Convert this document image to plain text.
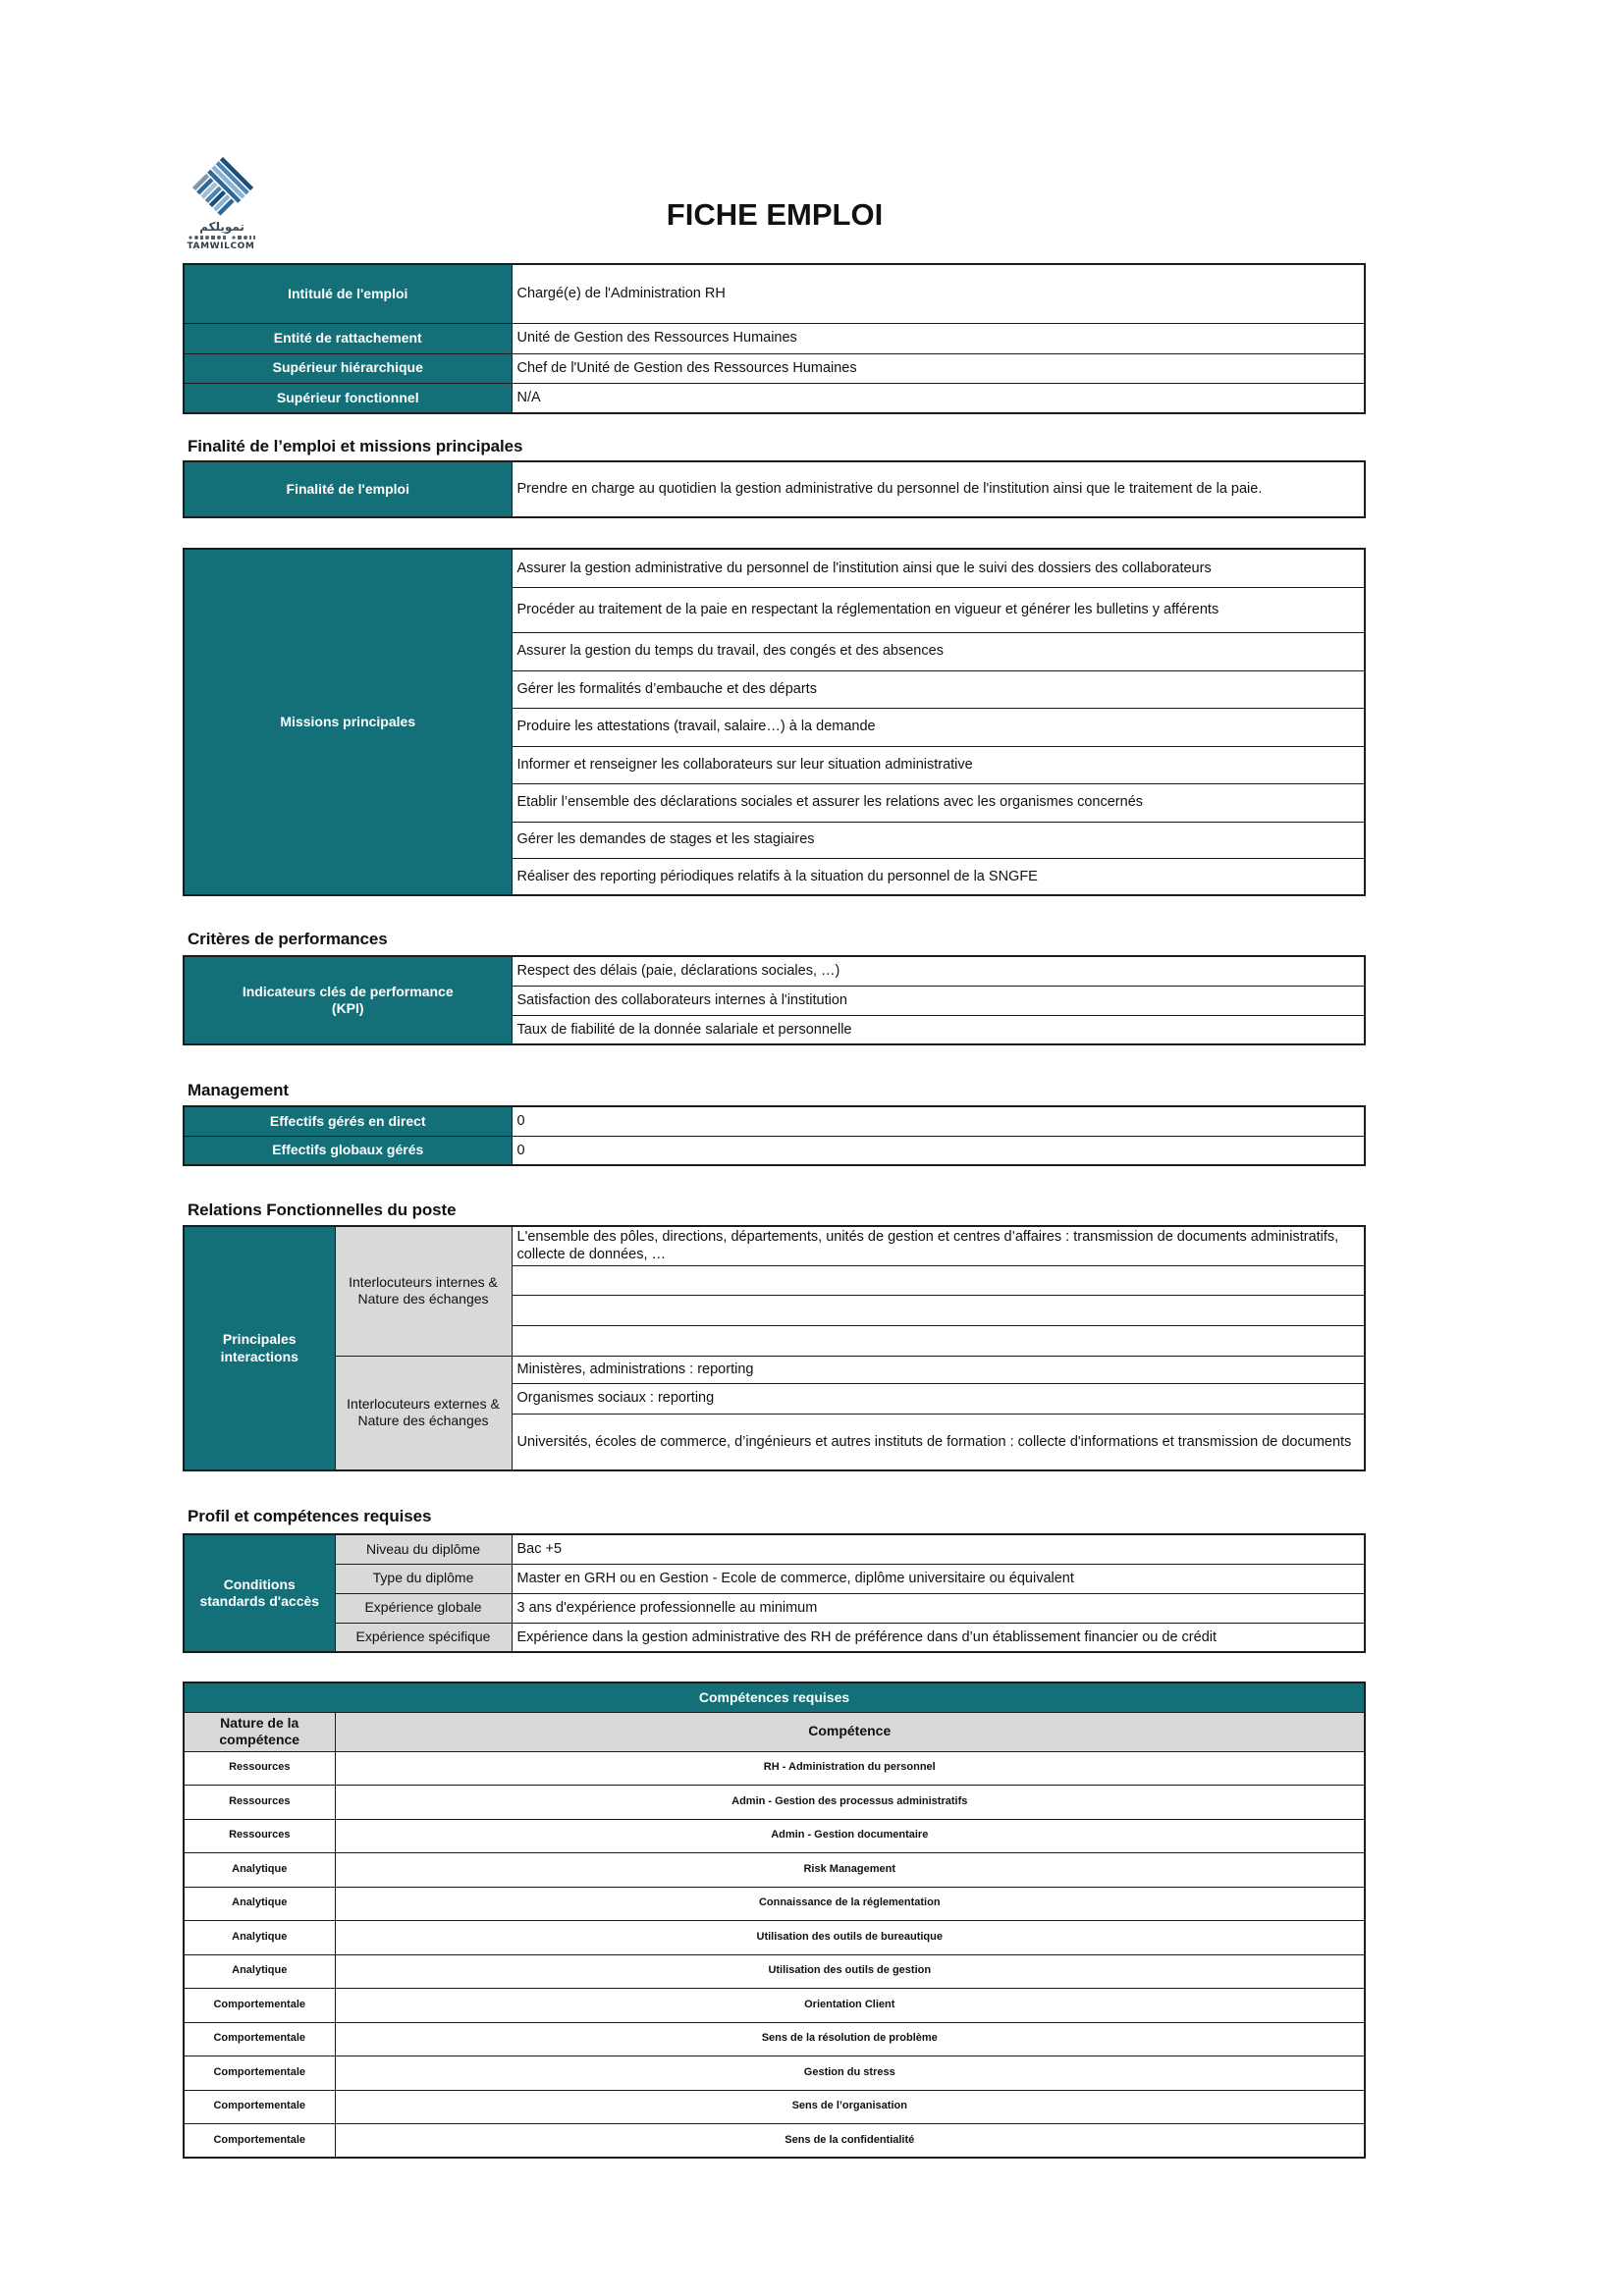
تمويلكم
TAMWILCOM
FICHE EMPLOI
Intitulé de l'emploi	Chargé(e) de l'Administration RH
Entité de rattachement	Unité de Gestion des Ressources Humaines
Supérieur hiérarchique	Chef de l'Unité de Gestion des Ressources Humaines
Supérieur fonctionnel	N/A
Finalité de l’emploi et missions principales
Finalité de l'emploi	Prendre en charge au quotidien la gestion administrative du personnel de l'institution ainsi que le traitement de la paie.
Missions principales	Assurer la gestion administrative du personnel de l'institution ainsi que le suivi des dossiers des collaborateurs
Procéder au traitement de la paie en respectant la réglementation en vigueur et générer les bulletins y afférents
Assurer la gestion du temps du travail, des congés et des absences
Gérer les formalités d’embauche et des départs
Produire les attestations (travail, salaire…) à la demande
Informer et renseigner les collaborateurs sur leur situation administrative
Etablir l’ensemble des déclarations sociales et assurer les relations avec les organismes concernés
Gérer les demandes de stages et les stagiaires
Réaliser des reporting périodiques relatifs à la situation du personnel de la SNGFE
Critères de performances
Indicateurs clés de performance (KPI)	Respect des délais (paie, déclarations sociales, …)
Satisfaction des collaborateurs internes à l'institution
Taux de fiabilité de la donnée salariale et personnelle
Management
Effectifs gérés en direct	0
Effectifs globaux gérés	0
Relations Fonctionnelles du poste
Principales interactions	Interlocuteurs internes & Nature des échanges	L'ensemble des pôles, directions, départements, unités de gestion et centres d’affaires : transmission de documents administratifs, collecte de données, …

	Interlocuteurs externes & Nature des échanges	Ministères, administrations : reporting
		Organismes sociaux : reporting
		Universités, écoles de commerce, d’ingénieurs et autres instituts de formation : collecte d'informations et transmission de documents
Profil et compétences requises
Conditions standards d'accès	Niveau du diplôme	Bac +5
	Type du diplôme	Master en GRH ou en Gestion - Ecole de commerce, diplôme universitaire ou équivalent
	Expérience globale	3 ans d'expérience professionnelle au minimum
	Expérience spécifique	Expérience dans la gestion administrative des RH de préférence dans d’un établissement financier ou de crédit
Compétences requises	
Nature de la compétence	Compétence
Ressources	RH - Administration du personnel
Ressources	Admin - Gestion des processus administratifs
Ressources	Admin - Gestion documentaire
Analytique	Risk Management
Analytique	Connaissance de la réglementation
Analytique	Utilisation des outils de bureautique
Analytique	Utilisation des outils de gestion
Comportementale	Orientation Client
Comportementale	Sens de la résolution de problème
Comportementale	Gestion du stress
Comportementale	Sens de l’organisation
Comportementale	Sens de la confidentialité
